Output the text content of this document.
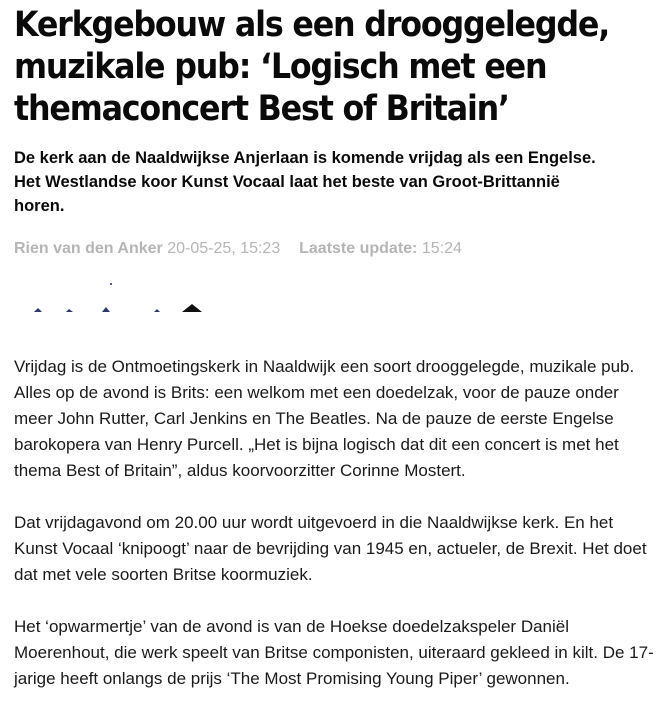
Kerkgebouw als een drooggelegde, muzikale pub: ‘Logisch met een themaconcert Best of Britain’

De kerk aan de Naaldwijkse Anjerlaan is komende vrijdag als een Engelse. Het Westlandse koor Kunst Vocaal laat het beste van Groot-Brittannië horen.

Rien van den Anker 20-05-25, 15:23 Laatste update: 15:24

Vrijdag is de Ontmoetingskerk in Naaldwijk een soort drooggelegde, muzikale pub. Alles op de avond is Brits: een welkom met een doedelzak, voor de pauze onder meer John Rutter, Carl Jenkins en The Beatles. Na de pauze de eerste Engelse barokopera van Henry Purcell. „Het is bijna logisch dat dit een concert is met het thema Best of Britain”, aldus koorvoorzitter Corinne Mostert.

Dat vrijdagavond om 20.00 uur wordt uitgevoerd in die Naaldwijkse kerk. En het Kunst Vocaal ‘knipoogt’ naar de bevrijding van 1945 en, actueler, de Brexit. Het doet dat met vele soorten Britse koormuziek.

Het ‘opwarmertje’ van de avond is van de Hoekse doedelzakspeler Daniël Moerenhout, die werk speelt van Britse componisten, uiteraard gekleed in kilt. De 17-jarige heeft onlangs de prijs ‘The Most Promising Young Piper’ gewonnen.
